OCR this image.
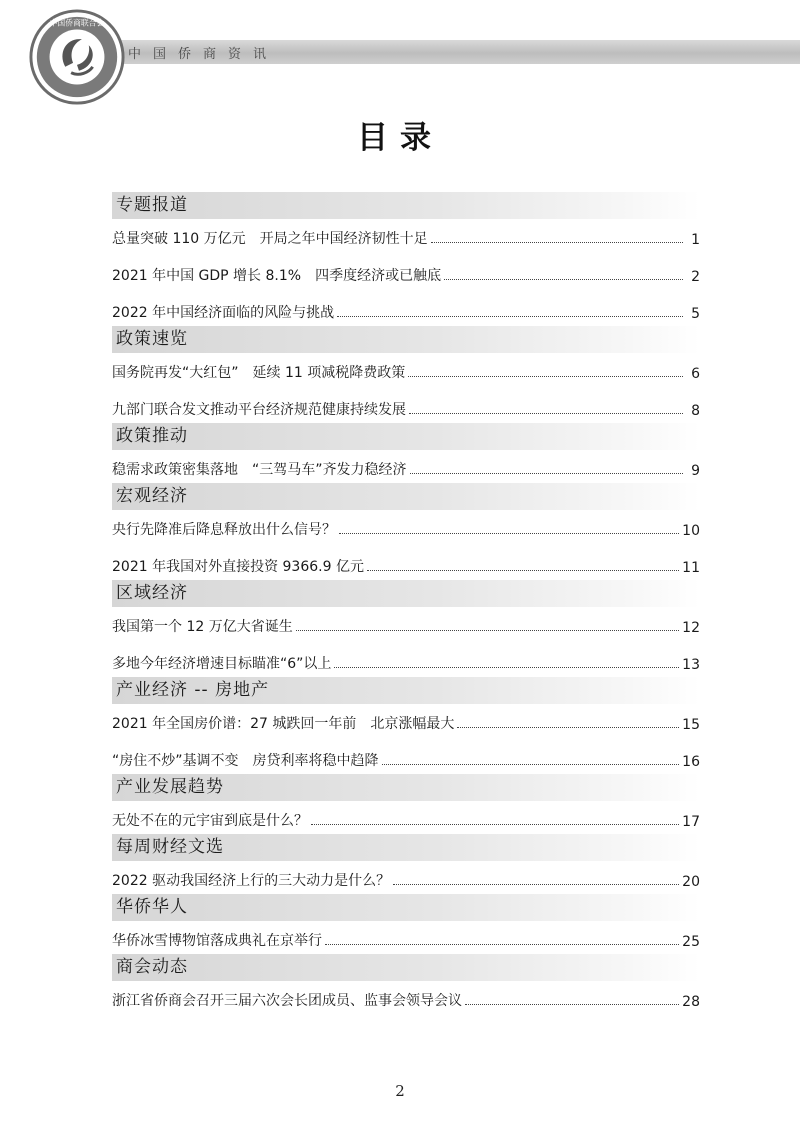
中国侨商联合会
中国侨商资讯
目录
专题报道
总量突破 110 万亿元　开局之年中国经济韧性十足	1
2021 年中国 GDP 增长 8.1%　四季度经济或已触底	2
2022 年中国经济面临的风险与挑战	5
政策速览
国务院再发“大红包”　延续 11 项减税降费政策	6
九部门联合发文推动平台经济规范健康持续发展	8
政策推动
稳需求政策密集落地　“三驾马车”齐发力稳经济	9
宏观经济
央行先降准后降息释放出什么信号？	10
2021 年我国对外直接投资 9366.9 亿元	11
区域经济
我国第一个 12 万亿大省诞生	12
多地今年经济增速目标瞄准“6”以上	13
产业经济 -- 房地产
2021 年全国房价谱：27 城跌回一年前　北京涨幅最大	15
“房住不炒”基调不变　房贷利率将稳中趋降	16
产业发展趋势
无处不在的元宇宙到底是什么？	17
每周财经文选
2022 驱动我国经济上行的三大动力是什么？	20
华侨华人
华侨冰雪博物馆落成典礼在京举行	25
商会动态
浙江省侨商会召开三届六次会长团成员、监事会领导会议	28
2
